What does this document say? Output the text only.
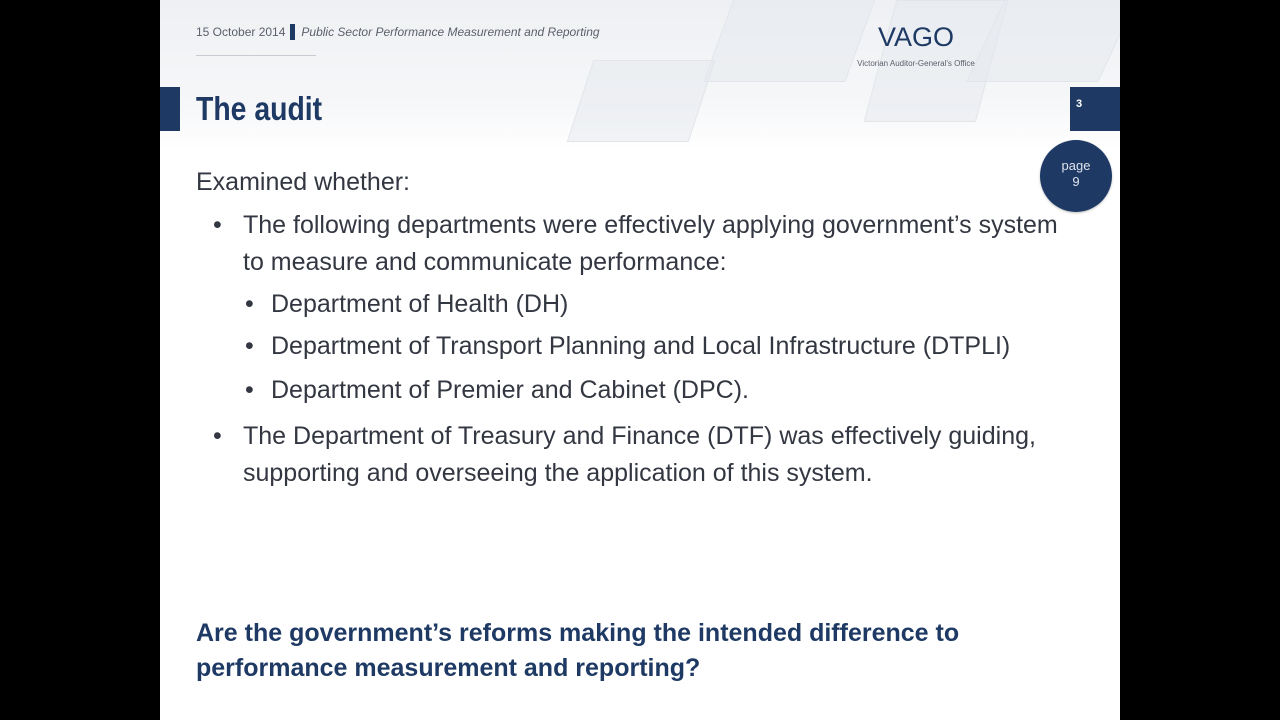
15 October 2014 Public Sector Performance Measurement and Reporting	VAGO
Victorian Auditor-General's Office
The audit	3
page
9

Examined whether:

• The following departments were effectively applying government’s system to measure and communicate performance:
• Department of Health (DH)
• Department of Transport Planning and Local Infrastructure (DTPLI)
• Department of Premier and Cabinet (DPC).
• The Department of Treasury and Finance (DTF) was effectively guiding, supporting and overseeing the application of this system.
Are the government’s reforms making the intended difference to performance measurement and reporting?
